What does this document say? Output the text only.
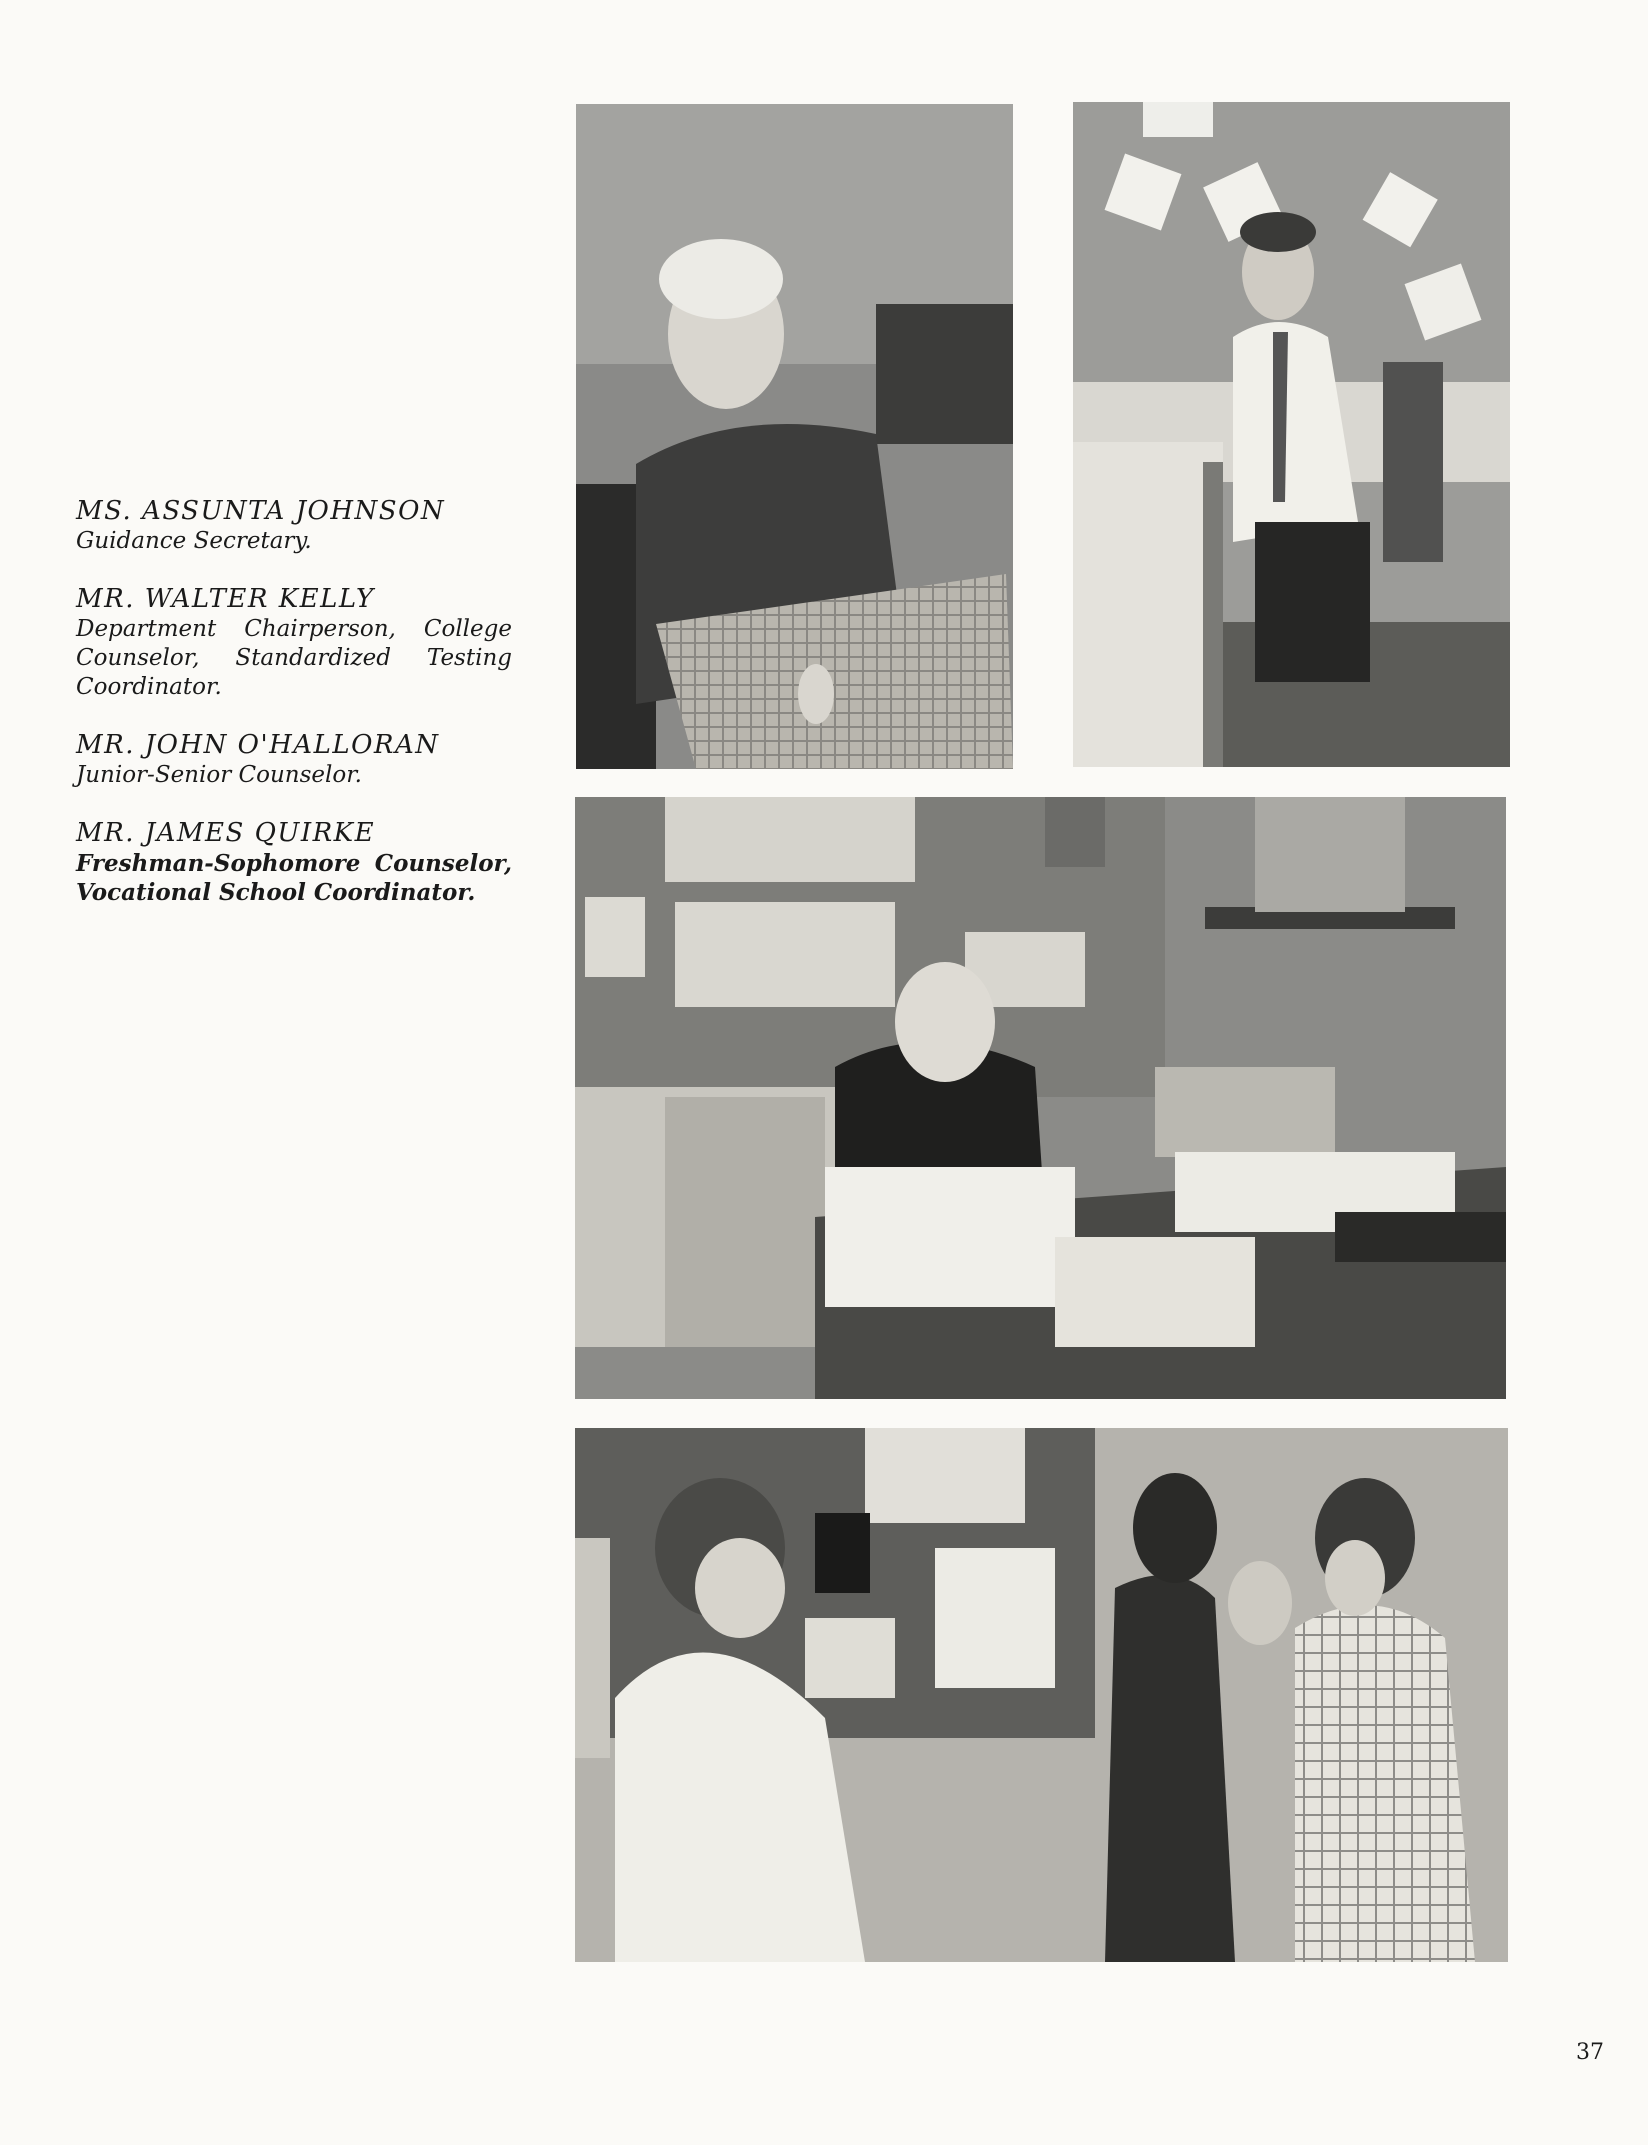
MS. ASSUNTA JOHNSON
Guidance Secretary.
MR. WALTER KELLY
Department Chairperson, College Counselor, Standardized Testing Coordinator.
MR. JOHN O'HALLORAN
Junior-Senior Counselor.
MR. JAMES QUIRKE
Freshman-Sophomore Counselor, Vocational School Coordinator.
37
